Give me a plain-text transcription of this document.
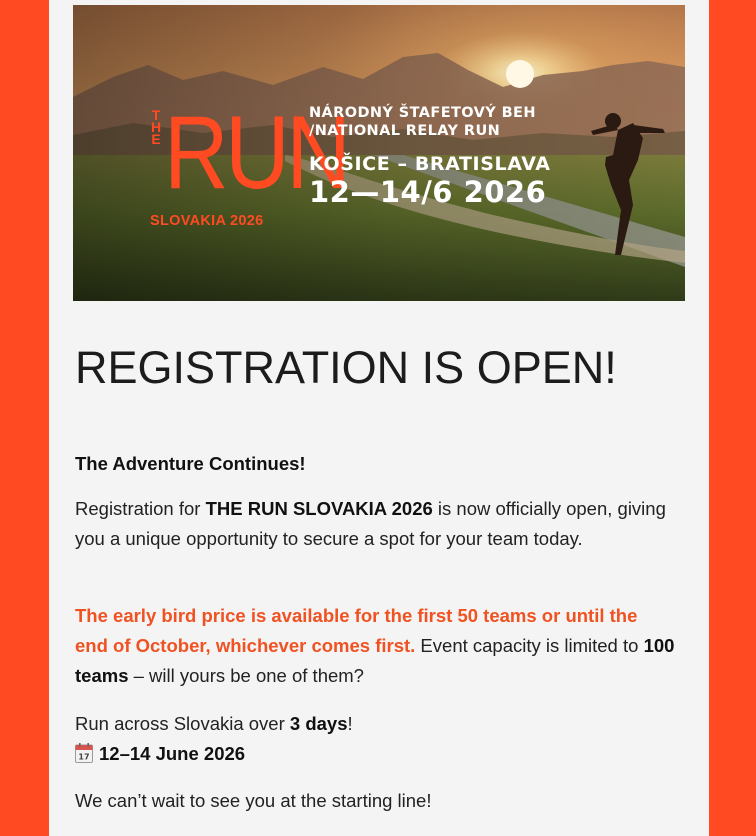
THE RUN
SLOVAKIA 2026
NÁRODNÝ ŠTAFETOVÝ BEH
/NATIONAL RELAY RUN
KOŠICE – BRATISLAVA
12—14/6 2026
REGISTRATION IS OPEN!
The Adventure Continues!
Registration for THE RUN SLOVAKIA 2026 is now officially open, giving you a unique opportunity to secure a spot for your team today.
The early bird price is available for the first 50 teams or until the end of October, whichever comes first. Event capacity is limited to 100 teams – will yours be one of them?
Run across Slovakia over 3 days!
17 12–14 June 2026
We can’t wait to see you at the starting line!
